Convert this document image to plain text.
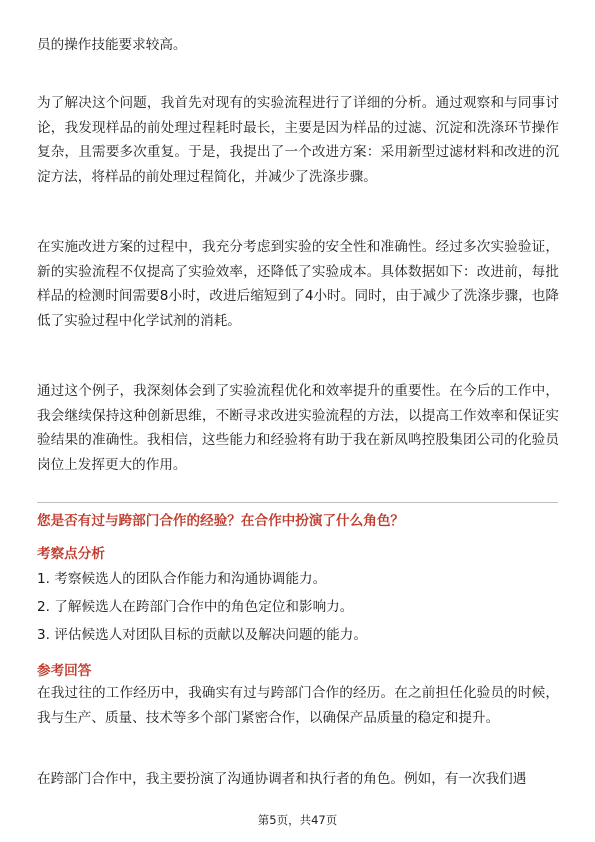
员的操作技能要求较高。

为了解决这个问题，我首先对现有的实验流程进行了详细的分析。通过观察和与同事讨论，我发现样品的前处理过程耗时最长，主要是因为样品的过滤、沉淀和洗涤环节操作复杂，且需要多次重复。于是，我提出了一个改进方案：采用新型过滤材料和改进的沉淀方法，将样品的前处理过程简化，并减少了洗涤步骤。

在实施改进方案的过程中，我充分考虑到实验的安全性和准确性。经过多次实验验证，新的实验流程不仅提高了实验效率，还降低了实验成本。具体数据如下：改进前，每批样品的检测时间需要8小时，改进后缩短到了4小时。同时，由于减少了洗涤步骤，也降低了实验过程中化学试剂的消耗。

通过这个例子，我深刻体会到了实验流程优化和效率提升的重要性。在今后的工作中，我会继续保持这种创新思维，不断寻求改进实验流程的方法，以提高工作效率和保证实验结果的准确性。我相信，这些能力和经验将有助于我在新凤鸣控股集团公司的化验员岗位上发挥更大的作用。

您是否有过与跨部门合作的经验？在合作中扮演了什么角色？
考察点分析
1. 考察候选人的团队合作能力和沟通协调能力。
2. 了解候选人在跨部门合作中的角色定位和影响力。
3. 评估候选人对团队目标的贡献以及解决问题的能力。
参考回答

在我过往的工作经历中，我确实有过与跨部门合作的经历。在之前担任化验员的时候，我与生产、质量、技术等多个部门紧密合作，以确保产品质量的稳定和提升。

在跨部门合作中，我主要扮演了沟通协调者和执行者的角色。例如，有一次我们遇

第5页，共47页
